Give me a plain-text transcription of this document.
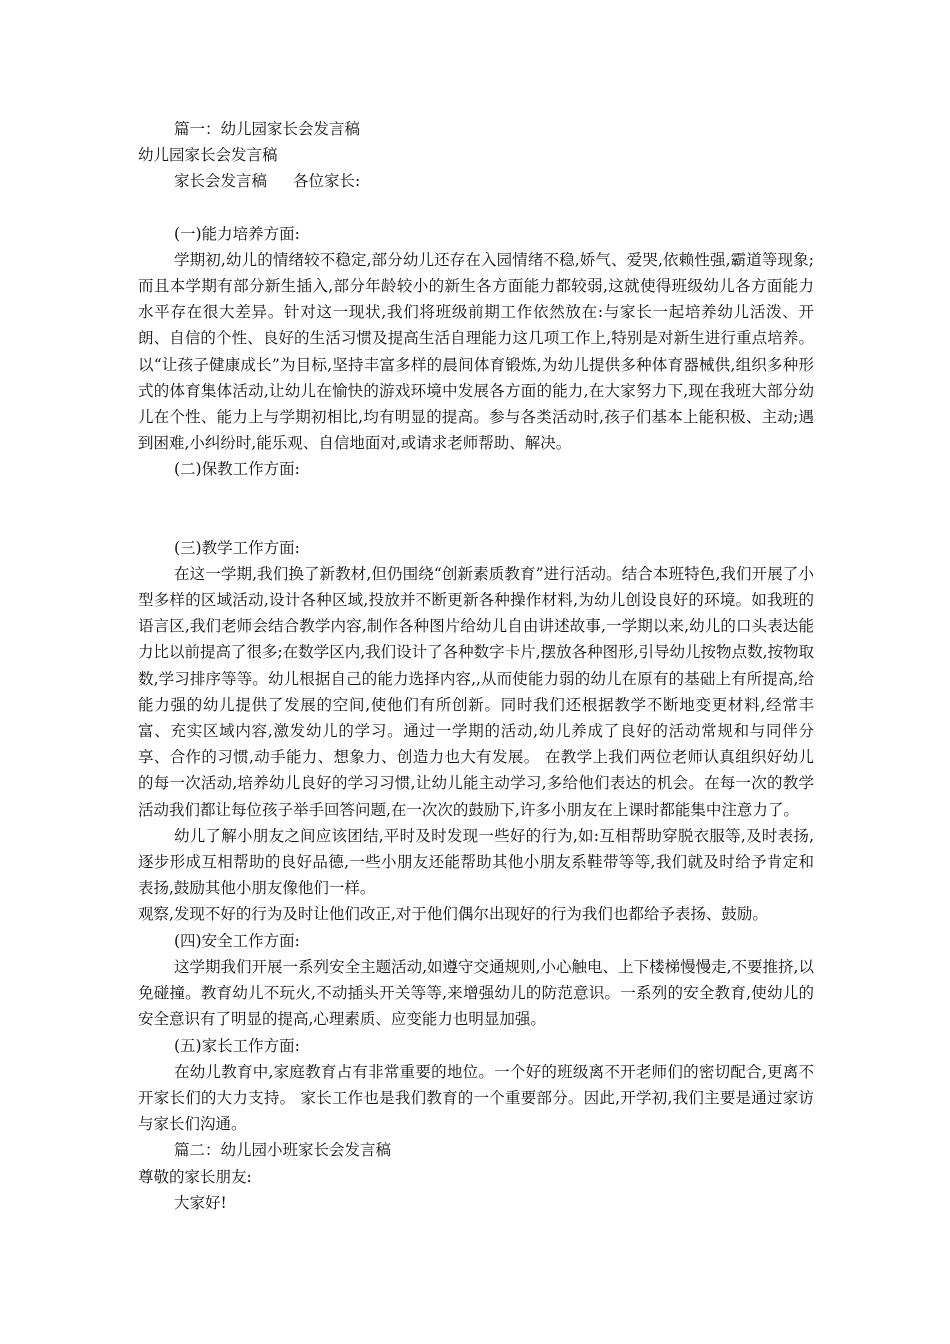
篇一：幼儿园家长会发言稿

幼儿园家长会发言稿

家长会发言稿 各位家长:

(一)能力培养方面:

学期初,幼儿的情绪较不稳定,部分幼儿还存在入园情绪不稳,娇气、爱哭,依赖性强,霸道等现象;而且本学期有部分新生插入,部分年龄较小的新生各方面能力都较弱,这就使得班级幼儿各方面能力水平存在很大差异。针对这一现状,我们将班级前期工作依然放在:与家长一起培养幼儿活泼、开朗、自信的个性、良好的生活习惯及提高生活自理能力这几项工作上,特别是对新生进行重点培养。以“让孩子健康成长”为目标,坚持丰富多样的晨间体育锻炼,为幼儿提供多种体育器械供,组织多种形式的体育集体活动,让幼儿在愉快的游戏环境中发展各方面的能力,在大家努力下,现在我班大部分幼儿在个性、能力上与学期初相比,均有明显的提高。参与各类活动时,孩子们基本上能积极、主动;遇到困难,小纠纷时,能乐观、自信地面对,或请求老师帮助、解决。

(二)保教工作方面:

(三)教学工作方面:

在这一学期,我们换了新教材,但仍围绕“创新素质教育”进行活动。结合本班特色,我们开展了小型多样的区域活动,设计各种区域,投放并不断更新各种操作材料,为幼儿创设良好的环境。如我班的语言区,我们老师会结合教学内容,制作各种图片给幼儿自由讲述故事,一学期以来,幼儿的口头表达能力比以前提高了很多;在数学区内,我们设计了各种数字卡片,摆放各种图形,引导幼儿按物点数,按物取数,学习排序等等。幼儿根据自己的能力选择内容,,从而使能力弱的幼儿在原有的基础上有所提高,给能力强的幼儿提供了发展的空间,使他们有所创新。同时我们还根据教学不断地变更材料,经常丰富、充实区域内容,激发幼儿的学习。通过一学期的活动,幼儿养成了良好的活动常规和与同伴分享、合作的习惯,动手能力、想象力、创造力也大有发展。 在教学上我们两位老师认真组织好幼儿的每一次活动,培养幼儿良好的学习习惯,让幼儿能主动学习,多给他们表达的机会。在每一次的教学活动我们都让每位孩子举手回答问题,在一次次的鼓励下,许多小朋友在上课时都能集中注意力了。

幼儿了解小朋友之间应该团结,平时及时发现一些好的行为,如:互相帮助穿脱衣服等,及时表扬,逐步形成互相帮助的良好品德,一些小朋友还能帮助其他小朋友系鞋带等等,我们就及时给予肯定和表扬,鼓励其他小朋友像他们一样。

观察,发现不好的行为及时让他们改正,对于他们偶尔出现好的行为我们也都给予表扬、鼓励。

(四)安全工作方面:

这学期我们开展一系列安全主题活动,如遵守交通规则,小心触电、上下楼梯慢慢走,不要推挤,以免碰撞。教育幼儿不玩火,不动插头开关等等,来增强幼儿的防范意识。一系列的安全教育,使幼儿的安全意识有了明显的提高,心理素质、应变能力也明显加强。

(五)家长工作方面:

在幼儿教育中,家庭教育占有非常重要的地位。一个好的班级离不开老师们的密切配合,更离不开家长们的大力支持。 家长工作也是我们教育的一个重要部分。因此,开学初,我们主要是通过家访与家长们沟通。

篇二：幼儿园小班家长会发言稿

尊敬的家长朋友:

大家好!
